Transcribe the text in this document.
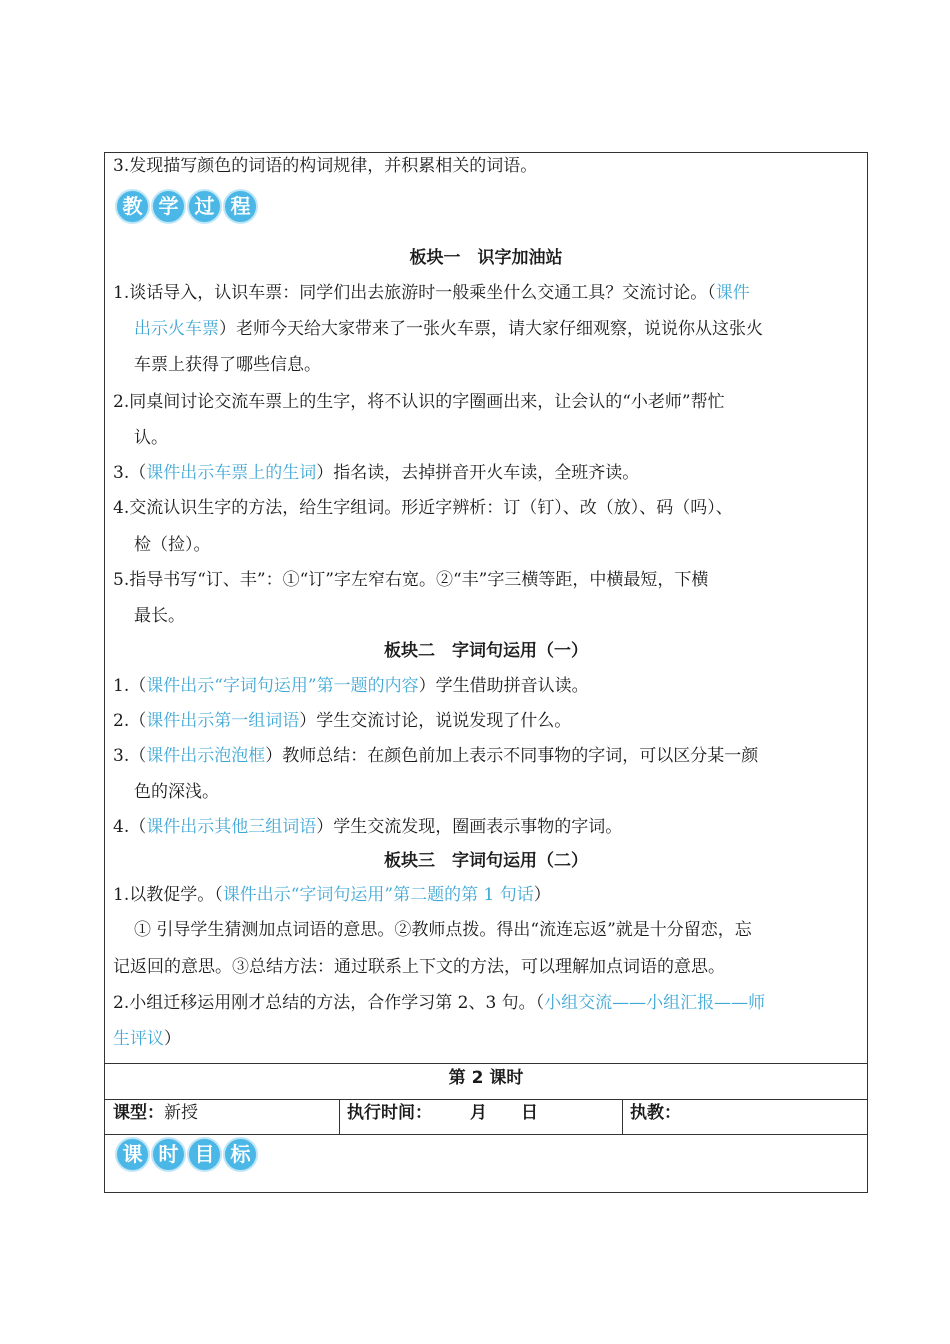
3.发现描写颜色的词语的构词规律，并积累相关的词语。
教 学 过 程
板块一　识字加油站
1.谈话导入，认识车票：同学们出去旅游时一般乘坐什么交通工具？交流讨论。（课件
出示火车票）老师今天给大家带来了一张火车票，请大家仔细观察，说说你从这张火
车票上获得了哪些信息。
2.同桌间讨论交流车票上的生字，将不认识的字圈画出来，让会认的“小老师”帮忙
认。
3.（课件出示车票上的生词）指名读，去掉拼音开火车读，全班齐读。
4.交流认识生字的方法，给生字组词。形近字辨析：订（钉）、改（放）、码（吗）、
检（捡）。
5.指导书写“订、丰”：①“订”字左窄右宽。②“丰”字三横等距，中横最短，下横
最长。
板块二　字词句运用（一）
1.（课件出示“字词句运用”第一题的内容）学生借助拼音认读。
2.（课件出示第一组词语）学生交流讨论，说说发现了什么。
3.（课件出示泡泡框）教师总结：在颜色前加上表示不同事物的字词，可以区分某一颜
色的深浅。
4.（课件出示其他三组词语）学生交流发现，圈画表示事物的字词。
板块三　字词句运用（二）
1.以教促学。（课件出示“字词句运用”第二题的第 1 句话）
① 引导学生猜测加点词语的意思。②教师点拨。得出“流连忘返”就是十分留恋，忘
记返回的意思。③总结方法：通过联系上下文的方法，可以理解加点词语的意思。
2.小组迁移运用刚才总结的方法，合作学习第 2、3 句。（小组交流——小组汇报——师
生评议）
第 2 课时
课型：新授	执行时间： 月　　日	执教：
课 时 目 标
